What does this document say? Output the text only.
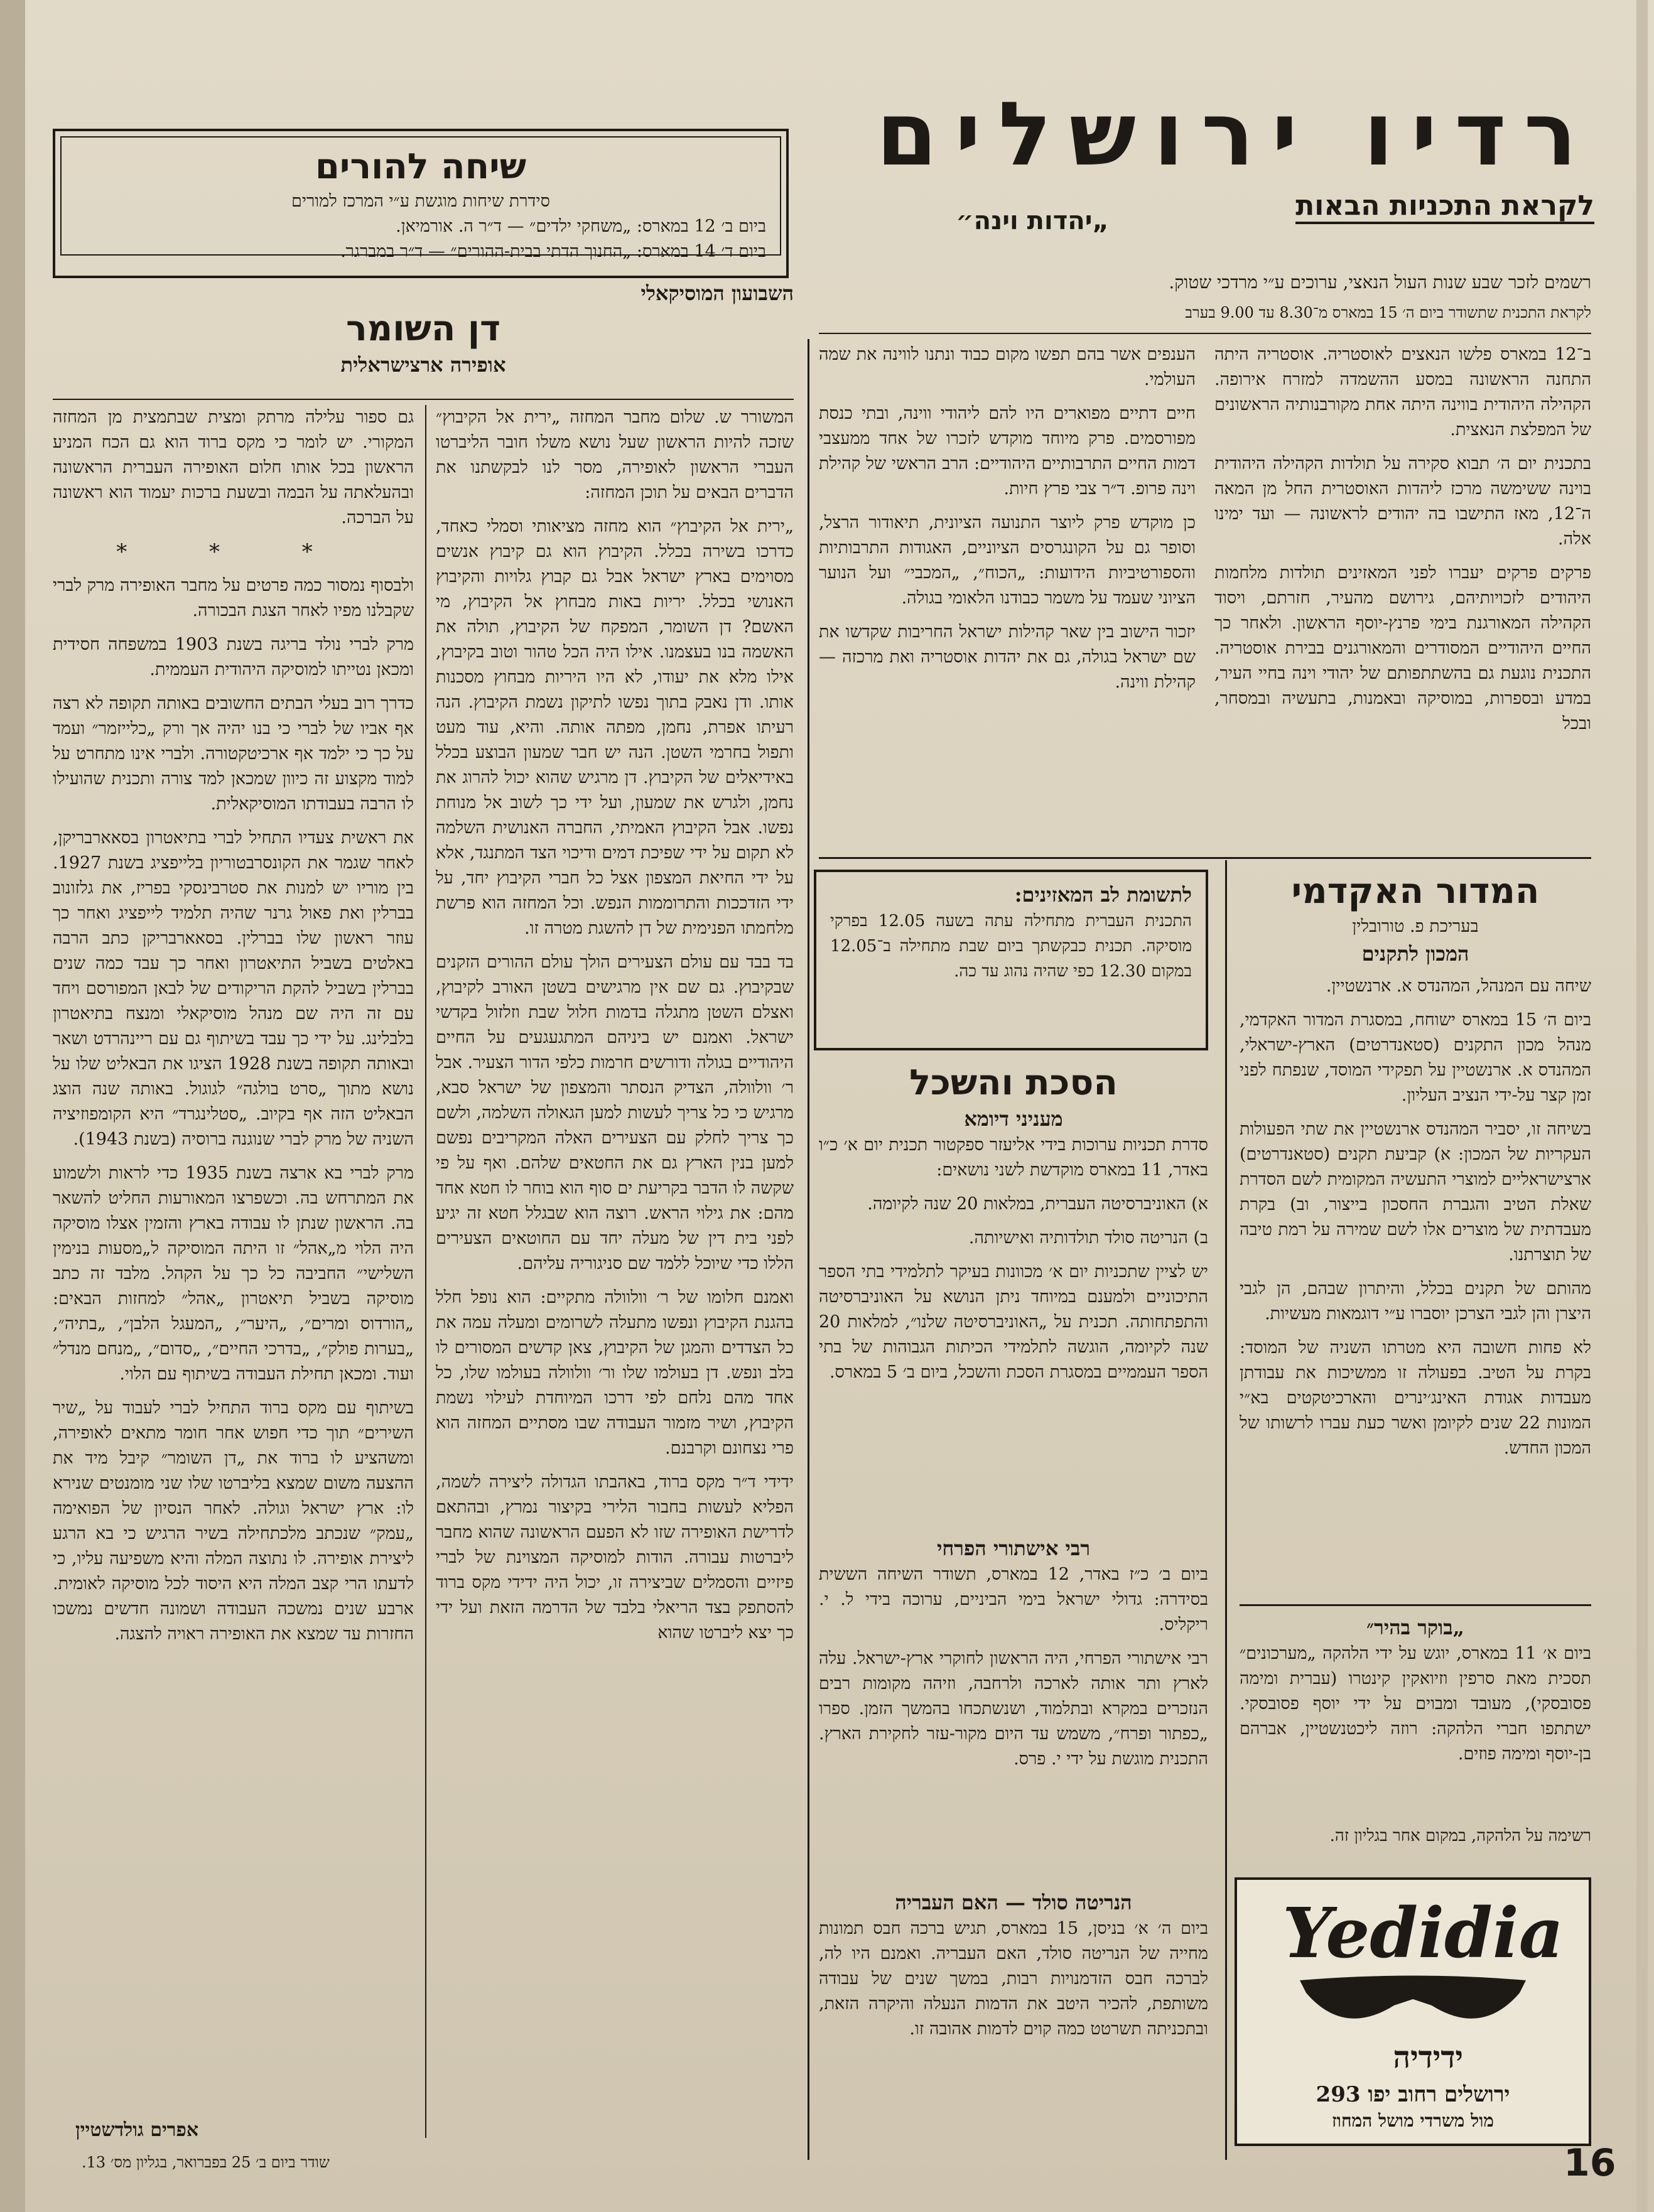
רדיו ירושלים
לקראת התכניות הבאות
שיחה להורים
סידרת שיחות מוגשת ע״י המרכז למורים
ביום ב׳ 12 במארס: „משחקי ילדים״ — ד״ר ה. אורמיאן.
ביום ד׳ 14 במארס: „החנוך הדתי בבית-ההורים״ — ד״ר במברגר.
„יהדות וינה״
רשמים לזכר שבע שנות העול הנאצי, ערוכים ע״י מרדכי שטוק.
לקראת התכנית שתשודר ביום ה׳ 15 במארס מ־8.30 עד 9.00 בערב

ב־12 במארס פלשו הנאצים לאוסטריה. אוסטריה היתה התחנה הראשונה במסע ההשמדה למזרח אירופה. הקהילה היהודית בווינה היתה אחת מקורבנותיה הראשונים של המפלצת הנאצית.

בתכנית יום ה׳ תבוא סקירה על תולדות הקהילה היהודית בוינה ששימשה מרכז ליהדות האוסטרית החל מן המאה ה־12, מאז התישבו בה יהודים לראשונה — ועד ימינו אלה.

פרקים פרקים יעברו לפני המאזינים תולדות מלחמות היהודים לזכויותיהם, גירושם מהעיר, חזרתם, ויסוד הקהילה המאורגנת בימי פרנץ-יוסף הראשון. ולאחר כך החיים היהודיים המסודרים והמאורגנים בבירת אוסטריה. התכנית נוגעת גם בהשתתפותם של יהודי וינה בחיי העיר, במדע ובספרות, במוסיקה ובאמנות, בתעשיה ובמסחר, ובכל

הענפים אשר בהם תפשו מקום כבוד ונתנו לווינה את שמה העולמי.

חיים דתיים מפוארים היו להם ליהודי ווינה, ובתי כנסת מפורסמים. פרק מיוחד מוקדש לזכרו של אחד ממעצבי דמות החיים התרבותיים היהודיים: הרב הראשי של קהילת וינה פרופ. ד״ר צבי פרץ חיות.

כן מוקדש פרק ליוצר התנועה הציונית, תיאודור הרצל, וסופר גם על הקונגרסים הציוניים, האגודות התרבותיות והספורטיביות הידועות: „הכוח״, „המכבי״ ועל הנוער הציוני שעמד על משמר כבודנו הלאומי בגולה.

יזכור הישוב בין שאר קהילות ישראל החריבות שקדשו את שם ישראל בגולה, גם את יהדות אוסטריה ואת מרכזה — קהילת ווינה.

לתשומת לב המאזינים:
התכנית העברית מתחילה עתה בשעה 12.05 בפרקי מוסיקה. תכנית כבקשתך ביום שבת מתחילה ב־12.05 במקום 12.30 כפי שהיה נהוג עד כה.
המדור האקדמי
בעריכת פ. טורובלין
המכון לתקנים

שיחה עם המנהל, המהנדס א. ארנשטיין.

ביום ה׳ 15 במארס ישוחח, במסגרת המדור האקדמי, מנהל מכון התקנים (סטאנדרטים) הארץ-ישראלי, המהנדס א. ארנשטיין על תפקידי המוסד, שנפתח לפני זמן קצר על-ידי הנציב העליון.

בשיחה זו, יסביר המהנדס ארנשטיין את שתי הפעולות העקריות של המכון: א) קביעת תקנים (סטאנדרטים) ארצישראליים למוצרי התעשיה המקומית לשם הסדרת שאלת הטיב והגברת החסכון בייצור, וב) בקרת מעבדתית של מוצרים אלו לשם שמירה על רמת טיבה של תוצרתנו.

מהותם של תקנים בכלל, והיתרון שבהם, הן לגבי היצרן והן לגבי הצרכן יוסברו ע״י דוגמאות מעשיות.

לא פחות חשובה היא מטרתו השניה של המוסד: בקרת על הטיב. בפעולה זו ממשיכות את עבודתן מעבדות אגודת האינג׳ינרים והארכיטקטים בא״י המונות 22 שנים לקיומן ואשר כעת עברו לרשותו של המכון החדש.

„בוקר בהיר״
ביום א׳ 11 במארס, יוגש על ידי הלהקה „מערכונים״ תסכית מאת סרפין וזיואקין קינטרו (עברית ומימה פסובסקי), מעובד ומבוים על ידי יוסף פסובסקי. ישתתפו חברי הלהקה: רוזה ליכטנשטיין, אברהם בן-יוסף ומימה פוזים.
רשימה על הלהקה, במקום אחר בגליון זה.
Yedidia
ידידיה
ירושלים רחוב יפו 293
מול משרדי מושל המחוז
הסכת והשכל
מעניני דיומא

סדרת תכניות ערוכות בידי אליעזר ספקטור תכנית יום א׳ כ״ו באדר, 11 במארס מוקדשת לשני נושאים:

א) האוניברסיטה העברית, במלאות 20 שנה לקיומה.

ב) הנריטה סולד תולדותיה ואישיותה.

יש לציין שתכניות יום א׳ מכוונות בעיקר לתלמידי בתי הספר התיכוניים ולמענם במיוחד ניתן הנושא על האוניברסיטה והתפתחותה. תכנית על „האוניברסיטה שלנו״, למלאות 20 שנה לקיומה, הוגשה לתלמידי הכיתות הגבוהות של בתי הספר העממיים במסגרת הסכת והשכל, ביום ב׳ 5 במארס.

רבי אישתורי הפרחי

ביום ב׳ כ״ז באדר, 12 במארס, תשודר השיחה הששית בסידרה: גדולי ישראל בימי הביניים, ערוכה בידי ל. י. ריקליס.

רבי אישתורי הפרחי, היה הראשון לחוקרי ארץ-ישראל. עלה לארץ ותר אותה לארכה ולרחבה, וזיהה מקומות רבים הנזכרים במקרא ובתלמוד, ושנשתכחו בהמשך הזמן. ספרו „כפתור ופרח״, משמש עד היום מקור-עזר לחקירת הארץ. התכנית מוגשת על ידי י. פרס.

הנריטה סולד — האם העבריה

ביום ה׳ א׳ בניסן, 15 במארס, תגיש ברכה חבס תמונות מחייה של הנריטה סולד, האם העבריה. ואמנם היו לה, לברכה חבס הזדמנויות רבות, במשך שנים של עבודה משותפת, להכיר היטב את הדמות הנעלה והיקרה הזאת, ובתכניתה תשרטט כמה קוים לדמות אהובה זו.

השבועון המוסיקאלי
דן השומר
אופירה ארצישראלית

המשורר ש. שלום מחבר המחזה „ירית אל הקיבוץ״ שזכה להיות הראשון שעל נושא משלו חובר הליברטו העברי הראשון לאופירה, מסר לנו לבקשתנו את הדברים הבאים על תוכן המחזה:

„ירית אל הקיבוץ״ הוא מחזה מציאותי וסמלי כאחד, כדרכו בשירה בכלל. הקיבוץ הוא גם קיבוץ אנשים מסוימים בארץ ישראל אבל גם קבוץ גלויות והקיבוץ האנושי בכלל. יריות באות מבחוץ אל הקיבוץ, מי האשם? דן השומר, המפקח של הקיבוץ, תולה את האשמה בנו בעצמנו. אילו היה הכל טהור וטוב בקיבוץ, אילו מלא את יעודו, לא היו היריות מבחוץ מסכנות אותו. ודן נאבק בתוך נפשו לתיקון נשמת הקיבוץ. הנה רעיתו אפרת, נחמן, מפתה אותה. והיא, עוד מעט ותפול בחרמי השטן. הנה יש חבר שמעון הבוצע בכלל באידיאלים של הקיבוץ. דן מרגיש שהוא יכול להרוג את נחמן, ולגרש את שמעון, ועל ידי כך לשוב אל מנוחת נפשו. אבל הקיבוץ האמיתי, החברה האנושית השלמה לא תקום על ידי שפיכת דמים ודיכוי הצד המתנגד, אלא על ידי החיאת המצפון אצל כל חברי הקיבוץ יחד, על ידי הזדככות והתרוממות הנפש. וכל המחזה הוא פרשת מלחמתו הפנימית של דן להשגת מטרה זו.

בד בבד עם עולם הצעירים הולך עולם ההורים הזקנים שבקיבוץ. גם שם אין מרגישים בשטן האורב לקיבוץ, ואצלם השטן מתגלה בדמות חלול שבת וזלזול בקדשי ישראל. ואמנם יש ביניהם המתגעגעים על החיים היהודיים בגולה ודורשים חרמות כלפי הדור הצעיר. אבל ר׳ וולוולה, הצדיק הנסתר והמצפון של ישראל סבא, מרגיש כי כל צריך לעשות למען הגאולה השלמה, ולשם כך צריך לחלק עם הצעירים האלה המקריבים נפשם למען בנין הארץ גם את החטאים שלהם. ואף על פי שקשה לו הדבר בקריעת ים סוף הוא בוחר לו חטא אחד מהם: את גילוי הראש. רוצה הוא שבגלל חטא זה יגיע לפני בית דין של מעלה יחד עם החוטאים הצעירים הללו כדי שיוכל ללמד שם סניגוריה עליהם.

ואמנם חלומו של ר׳ וולוולה מתקיים: הוא נופל חלל בהגנת הקיבוץ ונפשו מתעלה לשרומים ומעלה עמה את כל הצדדים והמגן של הקיבוץ, צאן קדשים המסורים לו בלב ונפש. דן בעולמו שלו ור׳ וולוולה בעולמו שלו, כל אחד מהם נלחם לפי דרכו המיוחדת לעילוי נשמת הקיבוץ, ושיר מזמור העבודה שבו מסתיים המחזה הוא פרי נצחונם וקרבנם.

ידידי ד״ר מקס ברוד, באהבתו הגדולה ליצירה לשמה, הפליא לעשות בחבור הלירי בקיצור נמרץ, ובהתאם לדרישת האופירה שזו לא הפעם הראשונה שהוא מחבר ליברטות עבורה. הודות למוסיקה המצוינת של לברי פיזיים והסמלים שביצירה זו, יכול היה ידידי מקס ברוד להסתפק בצד הריאלי בלבד של הדרמה הזאת ועל ידי כך יצא ליברטו שהוא

גם ספור עלילה מרתק ומצית שבתמצית מן המחזה המקורי. יש לומר כי מקס ברוד הוא גם הכח המניע הראשון בכל אותו חלום האופירה העברית הראשונה ובהעלאתה על הבמה ובשעת ברכות יעמוד הוא ראשונה על הברכה.

* * *

ולבסוף נמסור כמה פרטים על מחבר האופירה מרק לברי שקבלנו מפיו לאחר הצגת הבכורה.

מרק לברי נולד בריגה בשנת 1903 במשפחה חסידית ומכאן נטייתו למוסיקה היהודית העממית.

כדרך רוב בעלי הבתים החשובים באותה תקופה לא רצה אף אביו של לברי כי בנו יהיה אך ורק „כלייזמר״ ועמד על כך כי ילמד אף ארכיטקטורה. ולברי אינו מתחרט על למוד מקצוע זה כיוון שמכאן למד צורה ותכנית שהועילו לו הרבה בעבודתו המוסיקאלית.

את ראשית צעדיו התחיל לברי בתיאטרון בסאארבריקן, לאחר שגמר את הקונסרבטוריון בלייפציג בשנת 1927. בין מוריו יש למנות את סטרבינסקי בפריז, את גלזונוב בברלין ואת פאול גרנר שהיה תלמיד לייפציג ואחר כך עוזר ראשון שלו בברלין. בסאארבריקן כתב הרבה באלטים בשביל התיאטרון ואחר כך עבד כמה שנים בברלין בשביל להקת הריקודים של לבאן המפורסם ויחד עם זה היה שם מנהל מוסיקאלי ומנצח בתיאטרון בלבלינג. על ידי כך עבד בשיתוף גם עם ריינהרדט ושאר ובאותה תקופה בשנת 1928 הציגו את הבאליט שלו על נושא מתוך „סרט בולגה״ לגוגול. באותה שנה הוצג הבאליט הזה אף בקיוב. „סטלינגרד״ היא הקומפוזיציה השניה של מרק לברי שנוגנה ברוסיה (בשנת 1943).

מרק לברי בא ארצה בשנת 1935 כדי לראות ולשמוע את המתרחש בה. וכשפרצו המאורעות החליט להשאר בה. הראשון שנתן לו עבודה בארץ והזמין אצלו מוסיקה היה הלוי מ„אהל״ זו היתה המוסיקה ל„מסעות בנימין השלישי״ החביבה כל כך על הקהל. מלבד זה כתב מוסיקה בשביל תיאטרון „אהל״ למחזות הבאים: „הורדוס ומרים״, „היער״, „המעגל הלבן״, „בתיה״, „בערות פולק״, „בדרכי החיים״, „סדום״, „מנחם מנדל״ ועוד. ומכאן תחילת העבודה בשיתוף עם הלוי.

בשיתוף עם מקס ברוד התחיל לברי לעבוד על „שיר השירים״ תוך כדי חפוש אחר חומר מתאים לאופירה, ומשהציע לו ברוד את „דן השומר״ קיבל מיד את ההצעה משום שמצא בליברטו שלו שני מומנטים שנירא לו: ארץ ישראל וגולה. לאחר הנסיון של הפואימה „עמק״ שנכתב מלכתחילה בשיר הרגיש כי בא הרגע ליצירת אופירה. לו נתוצה המלה והיא משפיעה עליו, כי לדעתו הרי קצב המלה היא היסוד לכל מוסיקה לאומית. ארבע שנים נמשכה העבודה ושמונה חדשים נמשכו החזרות עד שמצא את האופירה ראויה להצגה.

אפרים גולדשטיין
שודר ביום ב׳ 25 בפברואר, בגליון מס׳ 13.	16
